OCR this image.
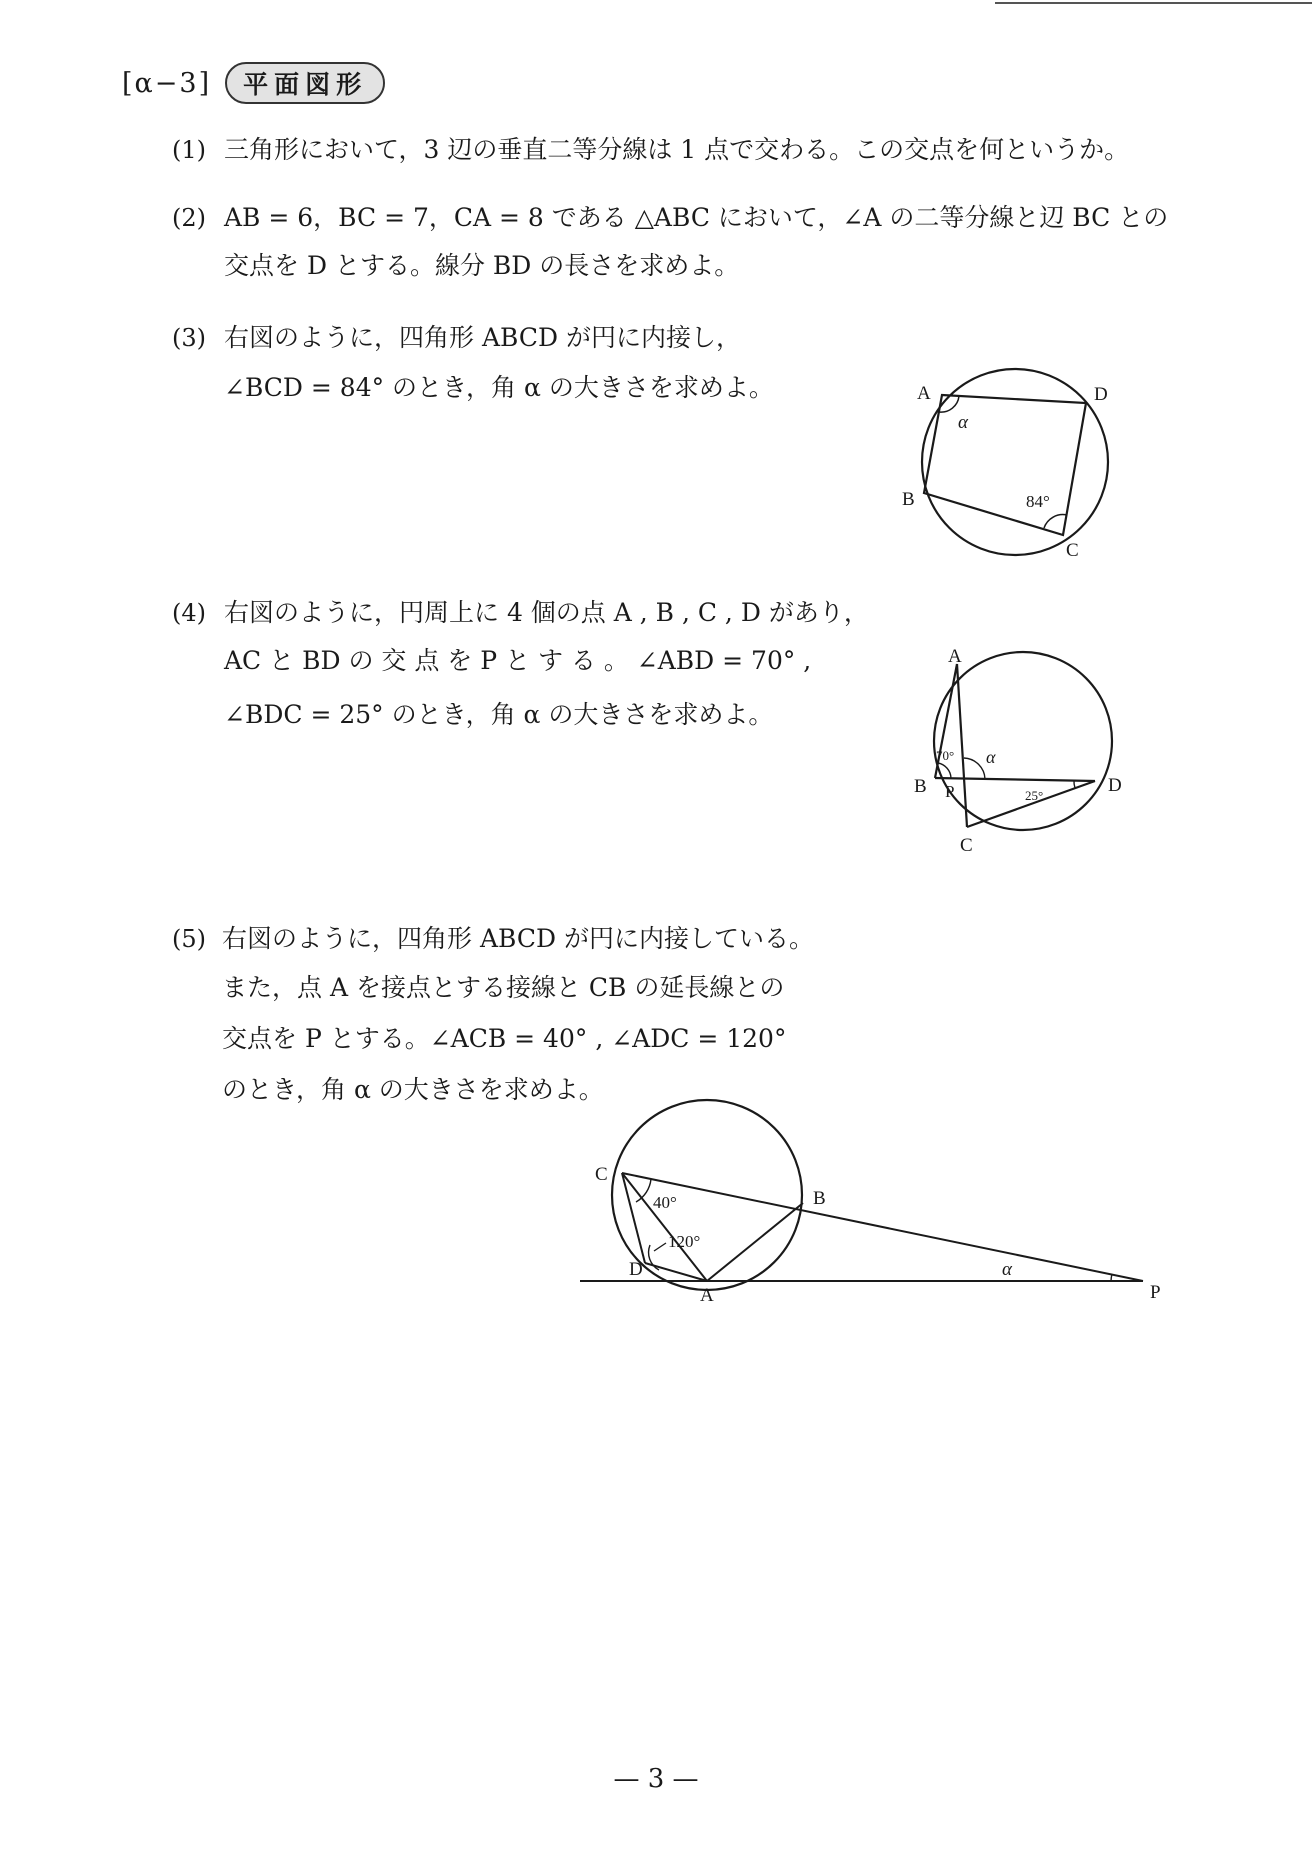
[α−3]	平面図形
(1) 三角形において，3 辺の垂直二等分線は 1 点で交わる。この交点を何というか。
(2) AB = 6，BC = 7，CA = 8 である △ABC において，∠A の二等分線と辺 BC との
交点を D とする。線分 BD の長さを求めよ。
(3) 右図のように，四角形 ABCD が円に内接し，
∠BCD = 84° のとき，角 α の大きさを求めよ。	A	D
B
C
α
84°
(4) 右図のように，円周上に 4 個の点 A , B , C , D があり，
AC と BD の 交 点 を P と す る 。 ∠ABD = 70° ,
∠BDC = 25° のとき，角 α の大きさを求めよ。
A
B P
C
D
70° α
25°
(5) 右図のように，四角形 ABCD が円に内接している。
また，点 A を接点とする接線と CB の延長線との
交点を P とする。∠ACB = 40° , ∠ADC = 120°
のとき，角 α の大きさを求めよ。
C
B
D
A	P
40°
120°
α
— 3 —
